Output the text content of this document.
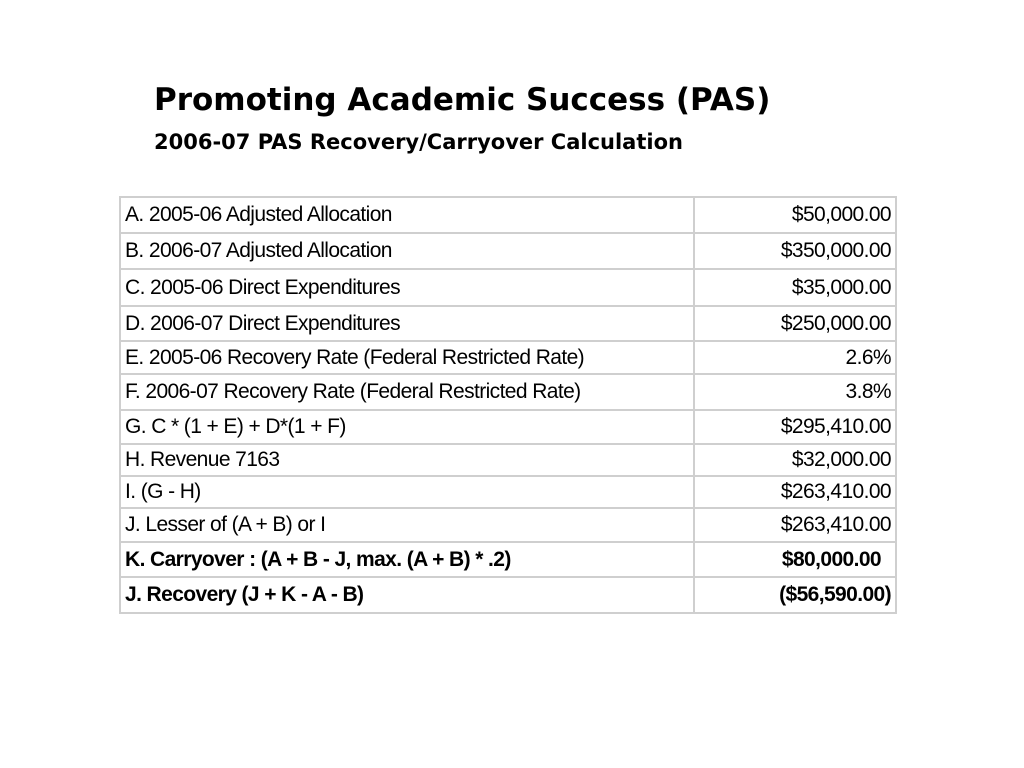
Promoting Academic Success (PAS)
2006-07 PAS Recovery/Carryover Calculation
A. 2005-06 Adjusted Allocation	$50,000.00
B. 2006-07 Adjusted Allocation	$350,000.00
C. 2005-06 Direct Expenditures	$35,000.00
D. 2006-07 Direct Expenditures	$250,000.00
E. 2005-06 Recovery Rate (Federal Restricted Rate)	2.6%
F. 2006-07 Recovery Rate (Federal Restricted Rate)	3.8%
G. C * (1 + E) + D*(1 + F)	$295,410.00
H. Revenue 7163	$32,000.00
I. (G - H)	$263,410.00
J. Lesser of (A + B) or I	$263,410.00
K. Carryover : (A + B - J, max. (A + B) * .2)	$80,000.00
J. Recovery (J + K - A - B)	($56,590.00)
